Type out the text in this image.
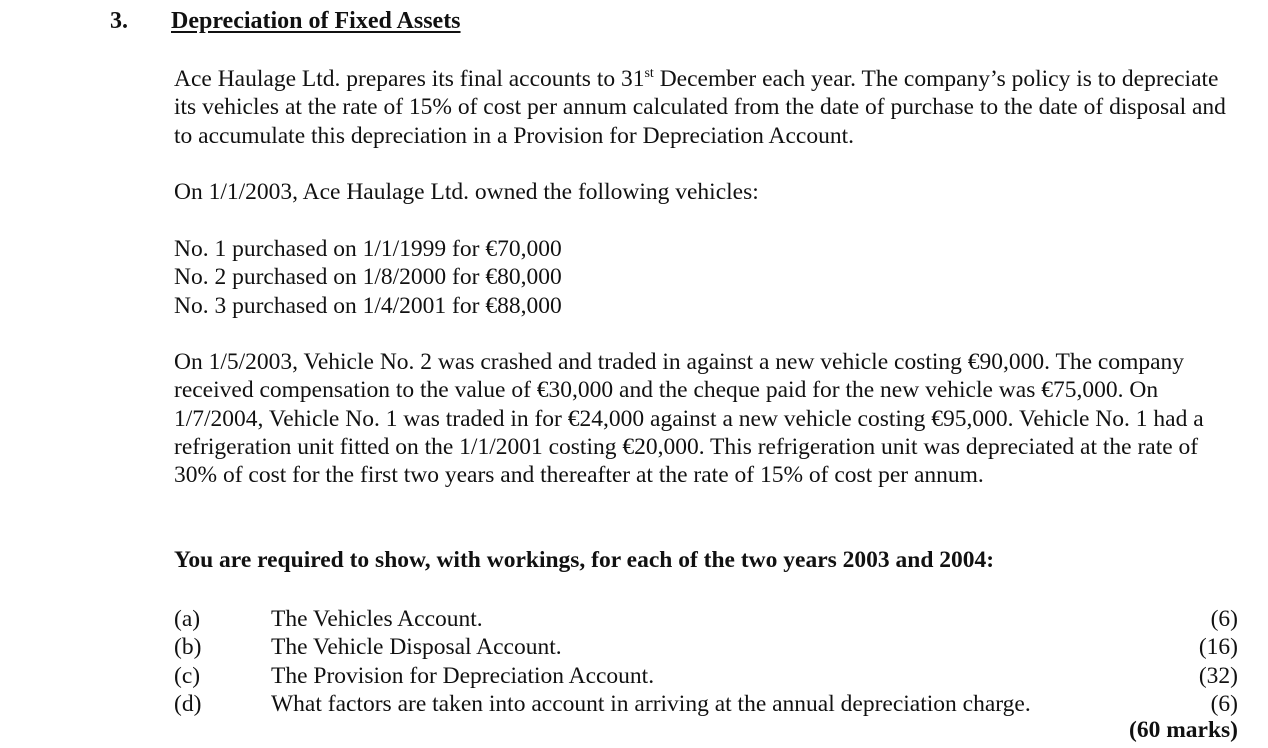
3. Depreciation of Fixed Assets

Ace Haulage Ltd. prepares its final accounts to 31st December each year. The company’s policy is to depreciate its vehicles at the rate of 15% of cost per annum calculated from the date of purchase to the date of disposal and to accumulate this depreciation in a Provision for Depreciation Account.

On 1/1/2003, Ace Haulage Ltd. owned the following vehicles:

No. 1 purchased on 1/1/1999 for €70,000
No. 2 purchased on 1/8/2000 for €80,000
No. 3 purchased on 1/4/2001 for €88,000

On 1/5/2003, Vehicle No. 2 was crashed and traded in against a new vehicle costing €90,000. The company received compensation to the value of €30,000 and the cheque paid for the new vehicle was €75,000. On 1/7/2004, Vehicle No. 1 was traded in for €24,000 against a new vehicle costing €95,000. Vehicle No. 1 had a refrigeration unit fitted on the 1/1/2001 costing €20,000. This refrigeration unit was depreciated at the rate of 30% of cost for the first two years and thereafter at the rate of 15% of cost per annum.

You are required to show, with workings, for each of the two years 2003 and 2004:
(a)	The Vehicles Account.	(6)
(b)	The Vehicle Disposal Account.	(16)
(c)	The Provision for Depreciation Account.	(32)
(d)	What factors are taken into account in arriving at the annual depreciation charge.	(6)
(60 marks)
